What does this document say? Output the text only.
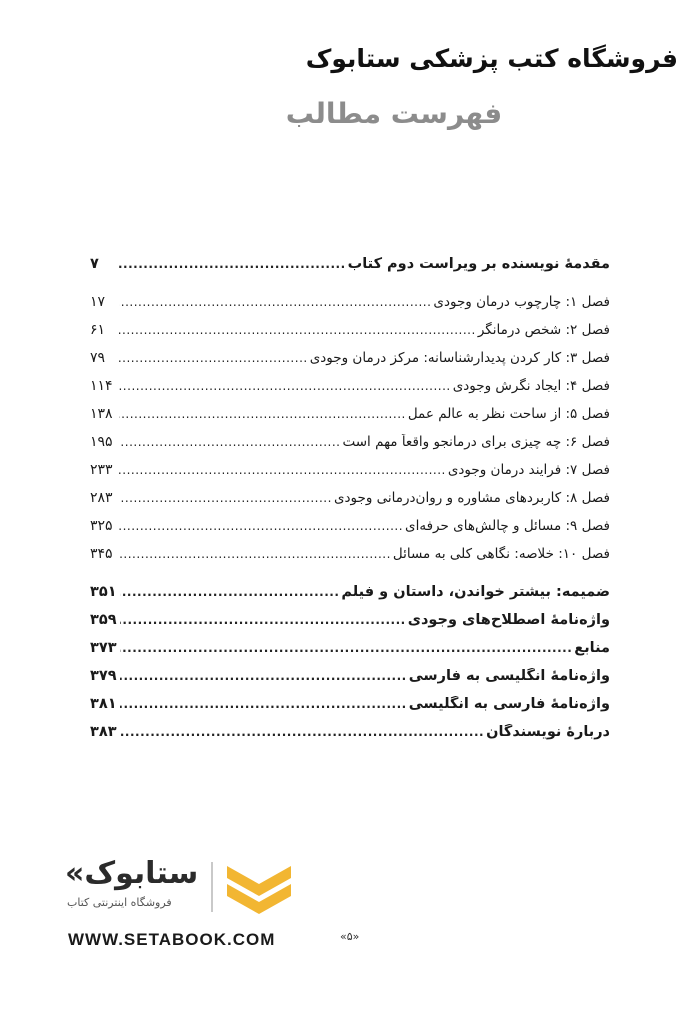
فروشگاه کتب پزشکی ستابوک
فهرست مطالب
مقدمهٔ نویسنده بر ویراست دوم کتاب
.....
۷
فصل ۱: چارچوب درمان وجودی
.....
۱۷
فصل ۲: شخص درمانگر
.....
۶۱
فصل ۳: کار کردن پدیدارشناسانه: مرکز درمان وجودی
.....
۷۹
فصل ۴: ایجاد نگرش وجودی
.....
۱۱۴
فصل ۵: از ساحت نظر به عالم عمل
.....
۱۳۸
فصل ۶: چه چیزی برای درمانجو واقعاً مهم است
.....
۱۹۵
فصل ۷: فرایند درمان وجودی
.....
۲۳۳
فصل ۸: کاربردهای مشاوره و روان‌درمانی وجودی
.....
۲۸۳
فصل ۹: مسائل و چالش‌های حرفه‌ای
.....
۳۲۵
فصل ۱۰: خلاصه: نگاهی کلی به مسائل
.....
۳۴۵
ضمیمه: بیشتر خواندن، داستان و فیلم
.....
۳۵۱
واژه‌نامهٔ اصطلاح‌های وجودی
.....
۳۵۹
منابع
.....
۳۷۳
واژه‌نامهٔ انگلیسی به فارسی
.....
۳۷۹
واژه‌نامهٔ فارسی به انگلیسی
.....
۳۸۱
دربارهٔ نویسندگان
.....
۳۸۳
«ستابوک
فروشگاه اینترنتی کتاب
WWW.SETABOOK.COM	«۵»
